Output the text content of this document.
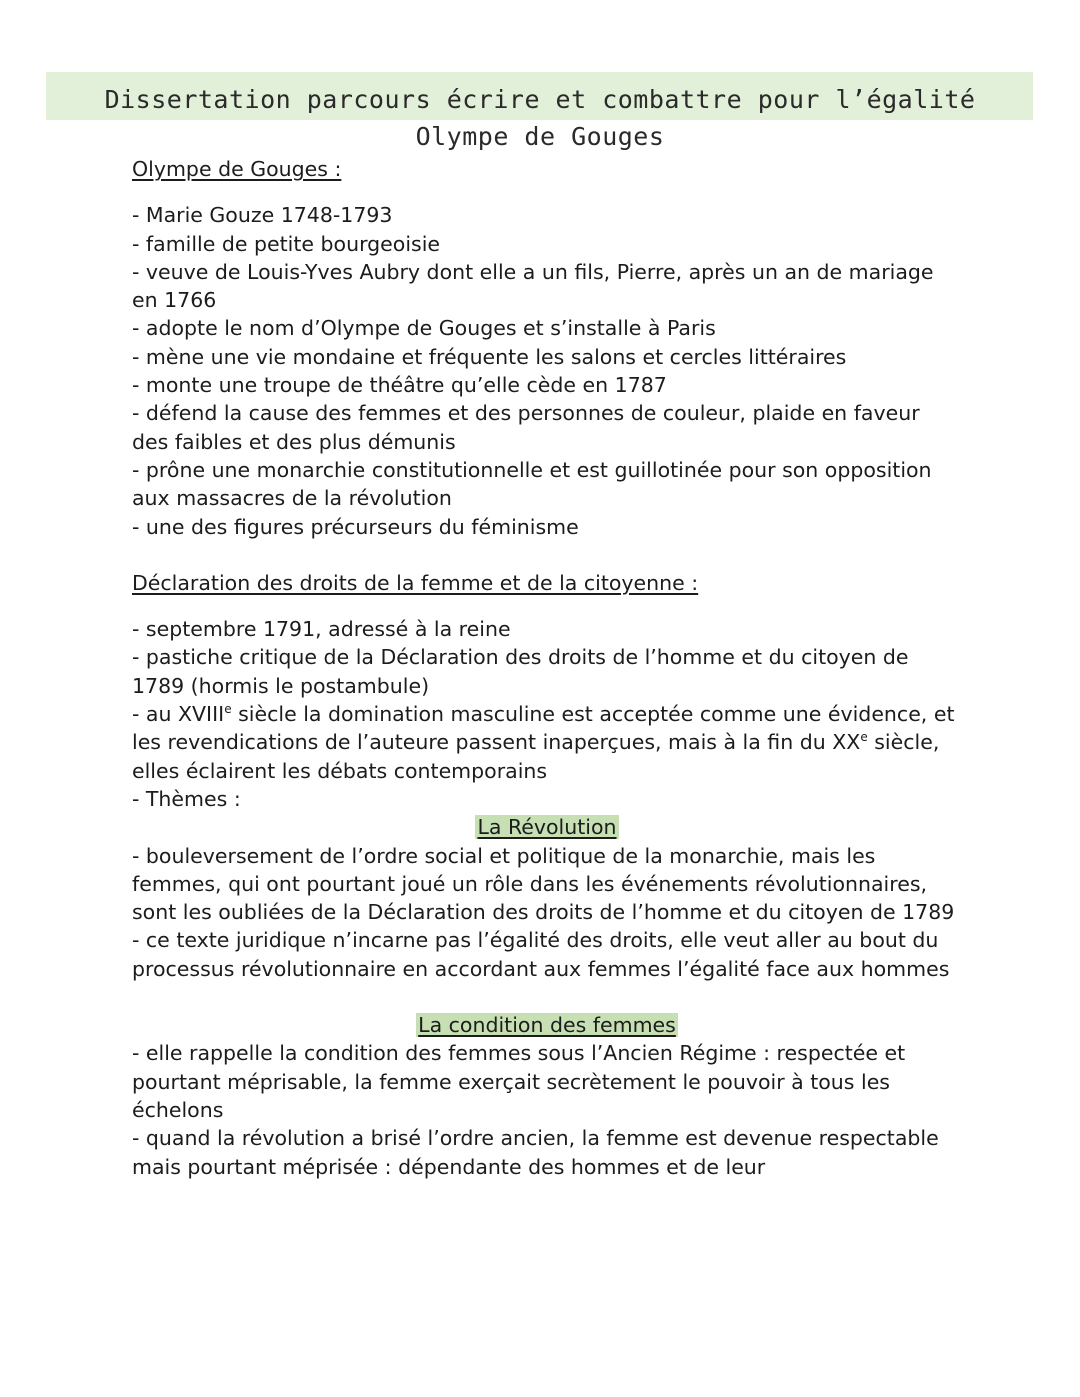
Dissertation parcours écrire et combattre pour l’égalité
Olympe de Gouges
Olympe de Gouges :

- Marie Gouze 1748-1793

- famille de petite bourgeoisie

- veuve de Louis-Yves Aubry dont elle a un fils, Pierre, après un an de mariage en 1766

- adopte le nom d’Olympe de Gouges et s’installe à Paris

- mène une vie mondaine et fréquente les salons et cercles littéraires

- monte une troupe de théâtre qu’elle cède en 1787

- défend la cause des femmes et des personnes de couleur, plaide en faveur des faibles et des plus démunis

- prône une monarchie constitutionnelle et est guillotinée pour son opposition aux massacres de la révolution

- une des figures précurseurs du féminisme

Déclaration des droits de la femme et de la citoyenne :

- septembre 1791, adressé à la reine

- pastiche critique de la Déclaration des droits de l’homme et du citoyen de 1789 (hormis le postambule)

- au XVIIIe siècle la domination masculine est acceptée comme une évidence, et les revendications de l’auteure passent inaperçues, mais à la fin du XXe siècle, elles éclairent les débats contemporains

- Thèmes :

La Révolution

- bouleversement de l’ordre social et politique de la monarchie, mais les femmes, qui ont pourtant joué un rôle dans les événements révolutionnaires, sont les oubliées de la Déclaration des droits de l’homme et du citoyen de 1789

- ce texte juridique n’incarne pas l’égalité des droits, elle veut aller au bout du processus révolutionnaire en accordant aux femmes l’égalité face aux hommes

La condition des femmes

- elle rappelle la condition des femmes sous l’Ancien Régime : respectée et pourtant méprisable, la femme exerçait secrètement le pouvoir à tous les échelons

- quand la révolution a brisé l’ordre ancien, la femme est devenue respectable mais pourtant méprisée : dépendante des hommes et de leur
